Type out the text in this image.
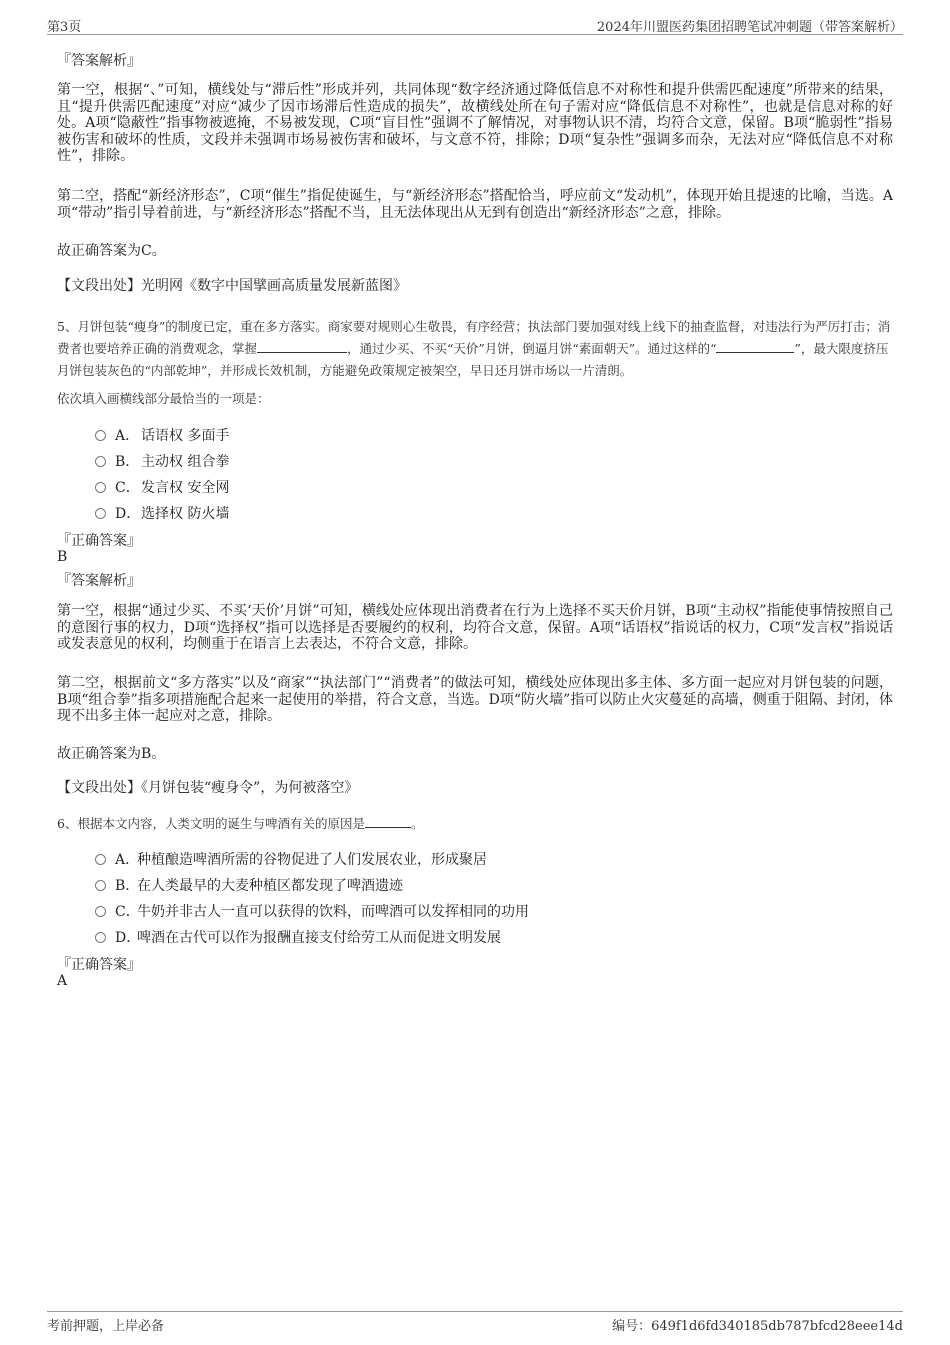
第3页	2024年川盟医药集团招聘笔试冲刺题（带答案解析）
『答案解析』
第一空，根据“、”可知，横线处与“滞后性”形成并列，共同体现“数字经济通过降低信息不对称性和提升供需匹配速度”所带来的结果，且“提升供需匹配速度”对应“减少了因市场滞后性造成的损失”，故横线处所在句子需对应“降低信息不对称性”，也就是信息对称的好处。A项“隐蔽性”指事物被遮掩，不易被发现，C项“盲目性”强调不了解情况，对事物认识不清，均符合文意，保留。B项“脆弱性”指易被伤害和破坏的性质，文段并未强调市场易被伤害和破坏，与文意不符，排除；D项“复杂性”强调多而杂，无法对应“降低信息不对称性”，排除。
第二空，搭配“新经济形态”，C项“催生”指促使诞生，与“新经济形态”搭配恰当，呼应前文“发动机”，体现开始且提速的比喻，当选。A项“带动”指引导着前进，与“新经济形态”搭配不当，且无法体现出从无到有创造出“新经济形态”之意，排除。
故正确答案为C。
【文段出处】光明网《数字中国擘画高质量发展新蓝图》
5、月饼包装“瘦身”的制度已定，重在多方落实。商家要对规则心生敬畏，有序经营；执法部门要加强对线上线下的抽查监督，对违法行为严厉打击；消费者也要培养正确的消费观念，掌握	，通过少买、不买“天价”月饼，倒逼月饼“素面朝天”。通过这样的“	”，最大限度挤压月饼包装灰色的“内部乾坤”，并形成长效机制，方能避免政策规定被架空，早日还月饼市场以一片清朗。
依次填入画横线部分最恰当的一项是：
A． 话语权 多面手
B． 主动权 组合拳
C．发言权 安全网
D．选择权 防火墙
『正确答案』
B
『答案解析』
第一空，根据“通过少买、不买‘天价’月饼”可知，横线处应体现出消费者在行为上选择不买天价月饼，B项“主动权”指能使事情按照自己的意图行事的权力，D项“选择权”指可以选择是否要履约的权利，均符合文意，保留。A项“话语权”指说话的权力，C项“发言权”指说话或发表意见的权利，均侧重于在语言上去表达，不符合文意，排除。
第二空，根据前文“多方落实”以及“商家”“执法部门”“消费者”的做法可知，横线处应体现出多主体、多方面一起应对月饼包装的问题，B项“组合拳”指多项措施配合起来一起使用的举措，符合文意，当选。D项“防火墙”指可以防止火灾蔓延的高墙，侧重于阻隔、封闭，体现不出多主体一起应对之意，排除。
故正确答案为B。
【文段出处】《月饼包装“瘦身令”，为何被落空》
6、根据本文内容，人类文明的诞生与啤酒有关的原因是	。
A．种植酿造啤酒所需的谷物促进了人们发展农业，形成聚居
B．在人类最早的大麦种植区都发现了啤酒遗迹
C．牛奶并非古人一直可以获得的饮料，而啤酒可以发挥相同的功用
D．啤酒在古代可以作为报酬直接支付给劳工从而促进文明发展
『正确答案』
A
考前押题，上岸必备	编号：649f1d6fd340185db787bfcd28eee14d
